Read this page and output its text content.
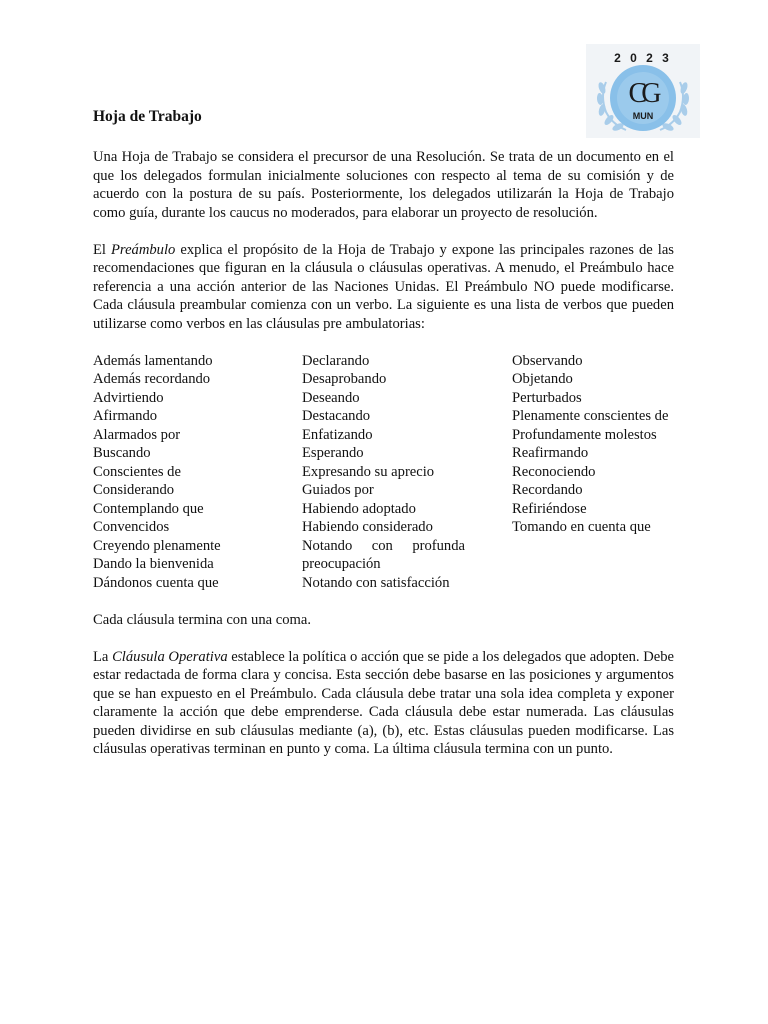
2 0 2 3
CG
MUN
Hoja de Trabajo

Una Hoja de Trabajo se considera el precursor de una Resolución. Se trata de un documento en el que los delegados formulan inicialmente soluciones con respecto al tema de su comisión y de acuerdo con la postura de su país. Posteriormente, los delegados utilizarán la Hoja de Trabajo como guía, durante los caucus no moderados, para elaborar un proyecto de resolución.

El Preámbulo explica el propósito de la Hoja de Trabajo y expone las principales razones de las recomendaciones que figuran en la cláusula o cláusulas operativas. A menudo, el Preámbulo hace referencia a una acción anterior de las Naciones Unidas. El Preámbulo NO puede modificarse. Cada cláusula preambular comienza con un verbo. La siguiente es una lista de verbos que pueden utilizarse como verbos en las cláusulas pre ambulatorias:

Además lamentando
Además recordando
Advirtiendo
Afirmando
Alarmados por
Buscando
Conscientes de
Considerando
Contemplando que
Convencidos
Creyendo plenamente
Dando la bienvenida
Dándonos cuenta que
Declarando
Desaprobando
Deseando
Destacando
Enfatizando
Esperando
Expresando su aprecio
Guiados por
Habiendo adoptado
Habiendo considerado
Notando con profunda
preocupación
Notando con satisfacción
Observando
Objetando
Perturbados
Plenamente conscientes de
Profundamente molestos
Reafirmando
Reconociendo
Recordando
Refiriéndose
Tomando en cuenta que

Cada cláusula termina con una coma.

La Cláusula Operativa establece la política o acción que se pide a los delegados que adopten. Debe estar redactada de forma clara y concisa. Esta sección debe basarse en las posiciones y argumentos que se han expuesto en el Preámbulo. Cada cláusula debe tratar una sola idea completa y exponer claramente la acción que debe emprenderse. Cada cláusula debe estar numerada. Las cláusulas pueden dividirse en sub cláusulas mediante (a), (b), etc. Estas cláusulas pueden modificarse. Las cláusulas operativas terminan en punto y coma. La última cláusula termina con un punto.
